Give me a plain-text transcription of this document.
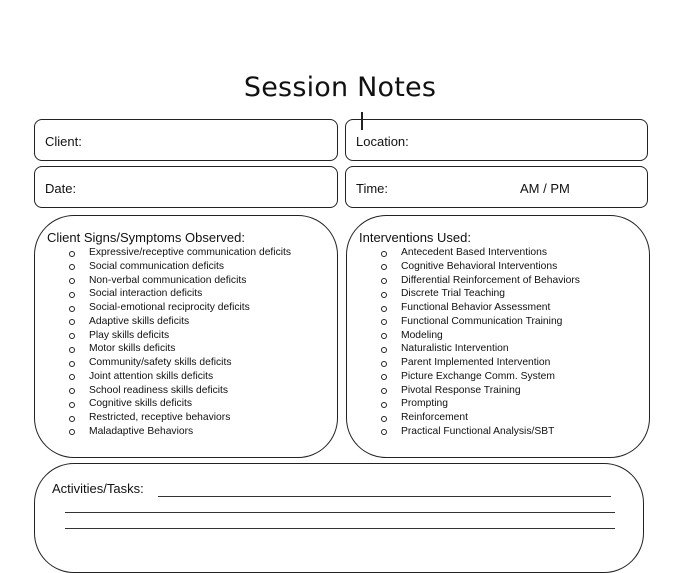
Session Notes
Client:	Location:
Date:	Time:	AM / PM
Client Signs/Symptoms Observed:
Expressive/receptive communication deficits
Social communication deficits
Non-verbal communication deficits
Social interaction deficits
Social-emotional reciprocity deficits
Adaptive skills deficits
Play skills deficits
Motor skills deficits
Community/safety skills deficits
Joint attention skills deficits
School readiness skills deficits
Cognitive skills deficits
Restricted, receptive behaviors
Maladaptive Behaviors
Interventions Used:
Antecedent Based Interventions
Cognitive Behavioral Interventions
Differential Reinforcement of Behaviors
Discrete Trial Teaching
Functional Behavior Assessment
Functional Communication Training
Modeling
Naturalistic Intervention
Parent Implemented Intervention
Picture Exchange Comm. System
Pivotal Response Training
Prompting
Reinforcement
Practical Functional Analysis/SBT
Activities/Tasks:
